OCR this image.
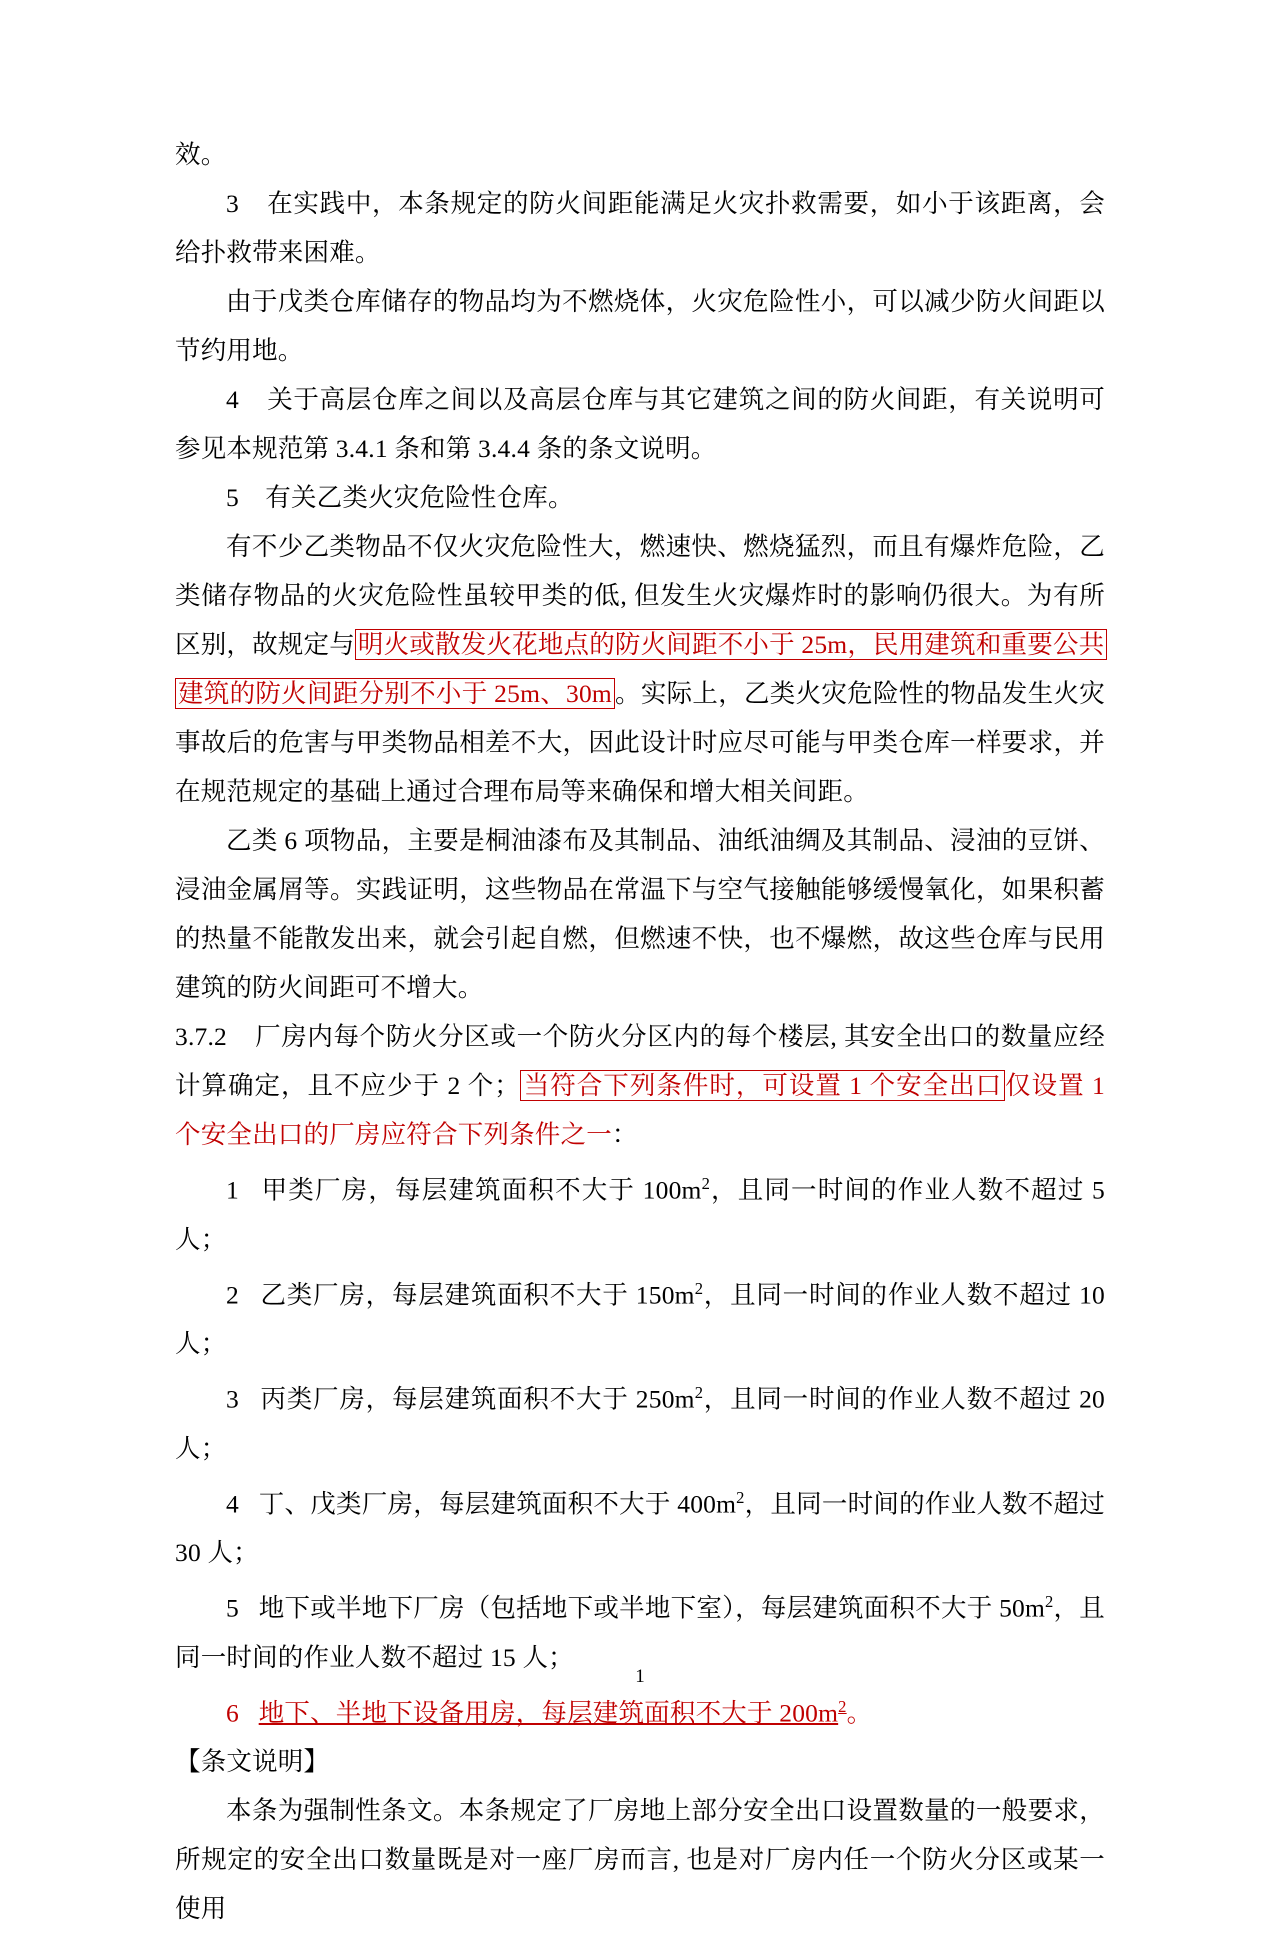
效。

3 在实践中，本条规定的防火间距能满足火灾扑救需要，如小于该距离，会给扑救带来困难。

由于戊类仓库储存的物品均为不燃烧体，火灾危险性小，可以减少防火间距以节约用地。

4 关于高层仓库之间以及高层仓库与其它建筑之间的防火间距，有关说明可参见本规范第 3.4.1 条和第 3.4.4 条的条文说明。

5 有关乙类火灾危险性仓库。

有不少乙类物品不仅火灾危险性大，燃速快、燃烧猛烈，而且有爆炸危险，乙类储存物品的火灾危险性虽较甲类的低, 但发生火灾爆炸时的影响仍很大。为有所区别，故规定与 明火或散发火花地点的防火间距不小于 25m，民用建筑和重要公共建筑的防火间距分别不小于 25m、30m 。实际上，乙类火灾危险性的物品发生火灾事故后的危害与甲类物品相差不大，因此设计时应尽可能与甲类仓库一样要求，并在规范规定的基础上通过合理布局等来确保和增大相关间距。

乙类 6 项物品，主要是桐油漆布及其制品、油纸油绸及其制品、浸油的豆饼、浸油金属屑等。实践证明，这些物品在常温下与空气接触能够缓慢氧化，如果积蓄的热量不能散发出来，就会引起自燃，但燃速不快，也不爆燃，故这些仓库与民用建筑的防火间距可不增大。

3.7.2 厂房内每个防火分区或一个防火分区内的每个楼层, 其安全出口的数量应经计算确定，且不应少于 2 个； 当符合下列条件时，可设置 1 个安全出口 仅设置 1 个安全出口的厂房应符合下列条件之一：

1 甲类厂房，每层建筑面积不大于 $100m^2$，且同一时间的作业人数不超过 5 人；

2 乙类厂房，每层建筑面积不大于 $150m^2$，且同一时间的作业人数不超过 10 人；

3 丙类厂房，每层建筑面积不大于 $250m^2$，且同一时间的作业人数不超过 20 人；

4 丁、戊类厂房，每层建筑面积不大于 $400m^2$，且同一时间的作业人数不超过 30 人；

5 地下或半地下厂房（包括地下或半地下室），每层建筑面积不大于 $50m^2$，且同一时间的作业人数不超过 15 人；

6 地下、半地下设备用房，每层建筑面积不大于 $200m^2$。

【条文说明】

本条为强制性条文。本条规定了厂房地上部分安全出口设置数量的一般要求，所规定的安全出口数量既是对一座厂房而言, 也是对厂房内任一个防火分区或某一使用

1
